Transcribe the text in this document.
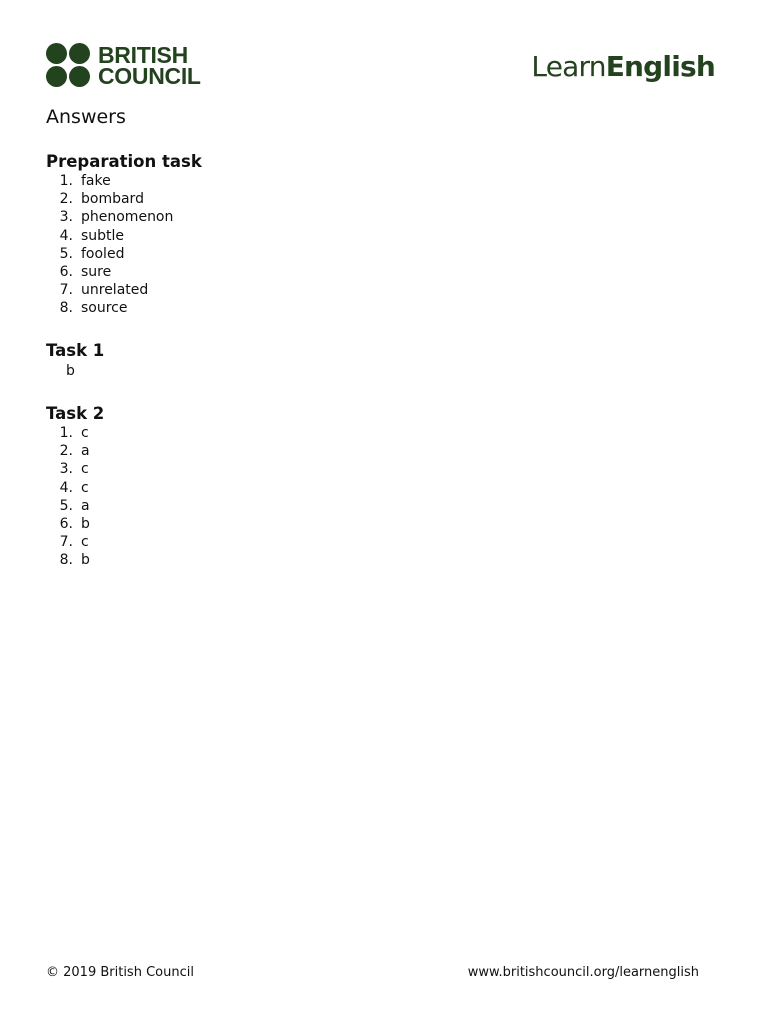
BRITISH
COUNCIL	LearnEnglish
Answers
Preparation task
1. fake
2. bombard
3. phenomenon
4. subtle
5. fooled
6. sure
7. unrelated
8. source
Task 1
b
Task 2
1. c
2. a
3. c
4. c
5. a
6. b
7. c
8. b
© 2019 British Council	www.britishcouncil.org/learnenglish
